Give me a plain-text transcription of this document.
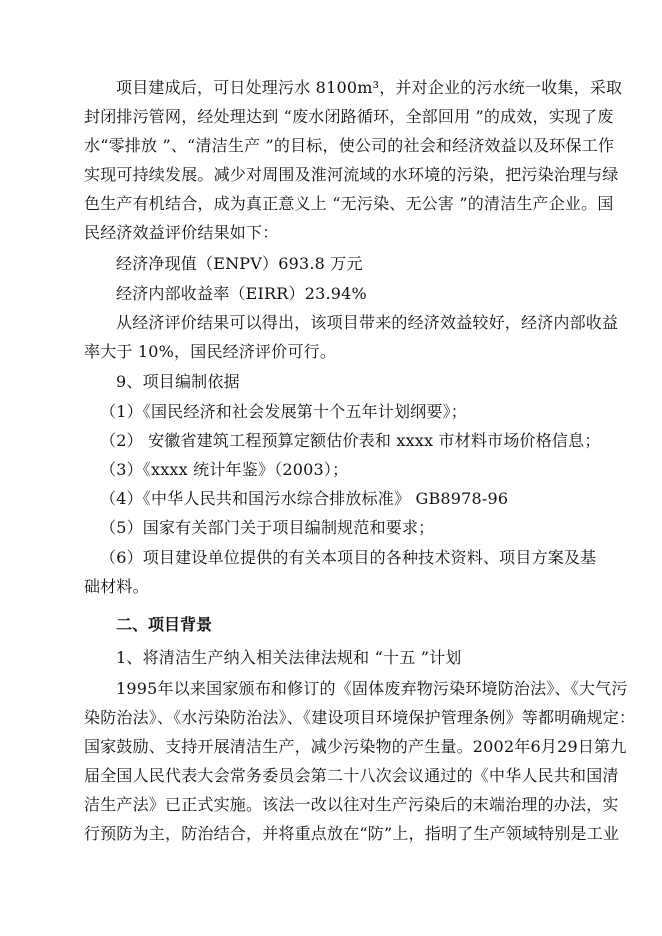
项目建成后，可日处理污水 8100m³，并对企业的污水统一收集，采取
封闭排污管网，经处理达到 “废水闭路循环，全部回用 ”的成效，实现了废
水“零排放 ”、“清洁生产 ”的目标，使公司的社会和经济效益以及环保工作
实现可持续发展。减少对周围及淮河流域的水环境的污染，把污染治理与绿
色生产有机结合，成为真正意义上 “无污染、无公害 ”的清洁生产企业。国
民经济效益评价结果如下：
经济净现值（ENPV）693.8 万元
经济内部收益率（EIRR）23.94%
从经济评价结果可以得出，该项目带来的经济效益较好，经济内部收益
率大于 10%，国民经济评价可行。
9、项目编制依据
（1）《国民经济和社会发展第十个五年计划纲要》；
（2） 安徽省建筑工程预算定额估价表和 xxxx 市材料市场价格信息；
（3）《xxxx 统计年鉴》（2003）；
（4）《中华人民共和国污水综合排放标准》 GB8978-96
（5）国家有关部门关于项目编制规范和要求；
（6）项目建设单位提供的有关本项目的各种技术资料、项目方案及基
础材料。
二、项目背景
1、将清洁生产纳入相关法律法规和 “十五 ”计划
1995年以来国家颁布和修订的《固体废弃物污染环境防治法》、《大气污
染防治法》、《水污染防治法》、《建设项目环境保护管理条例》等都明确规定：
国家鼓励、支持开展清洁生产，减少污染物的产生量。2002年6月29日第九
届全国人民代表大会常务委员会第二十八次会议通过的《中华人民共和国清
洁生产法》已正式实施。该法一改以往对生产污染后的末端治理的办法，实
行预防为主，防治结合，并将重点放在“防”上，指明了生产领域特别是工业
